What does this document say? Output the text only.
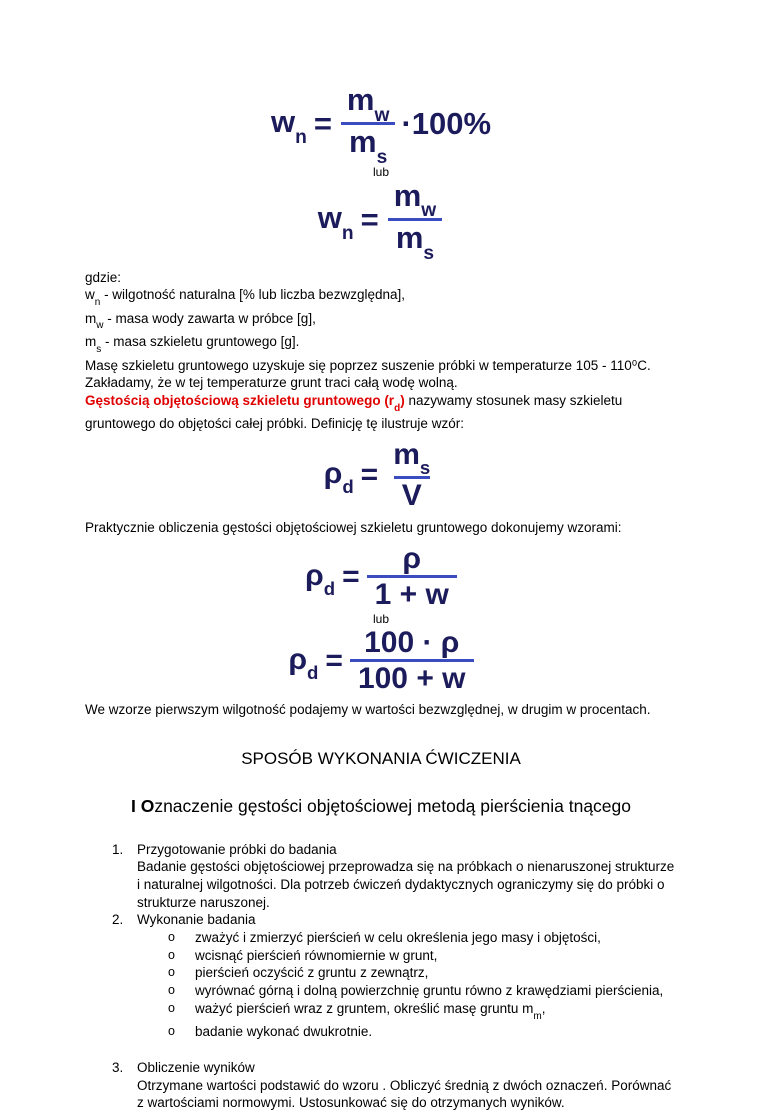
$w_n = \frac{m_w}{m_s} \cdot 100\%$
lub
$w_n = \frac{m_w}{m_s}$

gdzie:

$w_n$ - wilgotność naturalna [% lub liczba bezwzględna],

$m_w$ - masa wody zawarta w próbce [g],

$m_s$ - masa szkieletu gruntowego [g].

Masę szkieletu gruntowego uzyskuje się poprzez suszenie próbki w temperaturze 105 - 110⁰C.

Zakładamy, że w tej temperaturze grunt traci całą wodę wolną.

Gęstością objętościową szkieletu gruntowego $(r_d)$ nazywamy stosunek masy szkieletu gruntowego do objętości całej próbki. Definicję tę ilustruje wzór:

$\rho_d = \frac{m_s}{V}$

Praktycznie obliczenia gęstości objętościowej szkieletu gruntowego dokonujemy wzorami:

$\rho_d = \frac{\rho}{1 + w}$
lub
$\rho_d = \frac{100 \cdot \rho}{100 + w}$

We wzorze pierwszym wilgotność podajemy w wartości bezwzględnej, w drugim w procentach.

SPOSÓB WYKONANIA ĆWICZENIA
I Oznaczenie gęstości objętościowej metodą pierścienia tnącego
1.	Przygotowanie próbki do badania
Badanie gęstości objętościowej przeprowadza się na próbkach o nienaruszonej strukturze i naturalnej wilgotności. Dla potrzeb ćwiczeń dydaktycznych ograniczymy się do próbki o strukturze naruszonej.
2.	Wykonanie badania
o	zważyć i zmierzyć pierścień w celu określenia jego masy i objętości,
o	wcisnąć pierścień równomiernie w grunt,
o	pierścień oczyścić z gruntu z zewnątrz,
o	wyrównać górną i dolną powierzchnię gruntu równo z krawędziami pierścienia,
o	ważyć pierścień wraz z gruntem, określić masę gruntu $m_m$,
o	badanie wykonać dwukrotnie.
3.	Obliczenie wyników
Otrzymane wartości podstawić do wzoru . Obliczyć średnią z dwóch oznaczeń. Porównać z wartościami normowymi. Ustosunkować się do otrzymanych wyników.
